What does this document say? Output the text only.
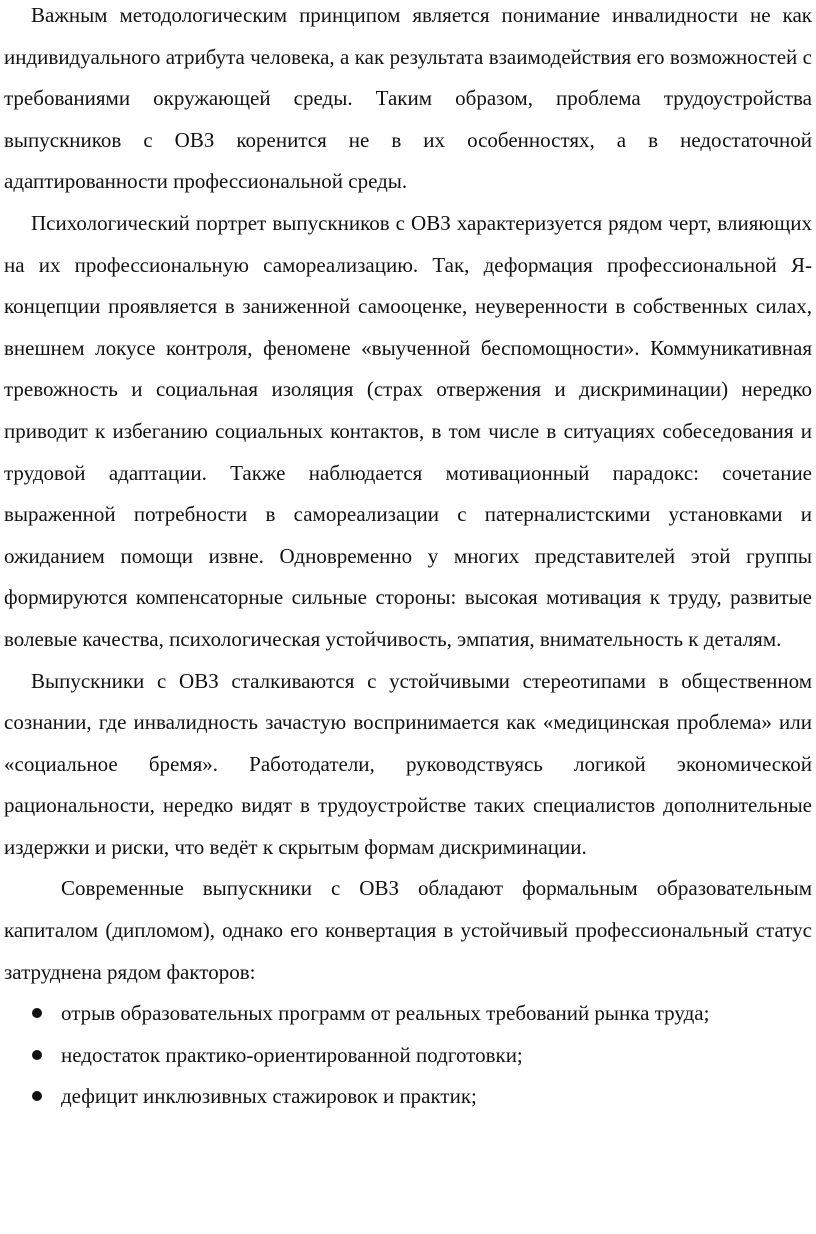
Важным методологическим принципом является понимание инвалидности не как индивидуального атрибута человека, а как результата взаимодействия его возможностей с требованиями окружающей среды. Таким образом, проблема трудоустройства выпускников с ОВЗ коренится не в их особенностях, а в недостаточной адаптированности профессиональной среды.

Психологический портрет выпускников с ОВЗ характеризуется рядом черт, влияющих на их профессиональную самореализацию. Так, деформация профессиональной Я-концепции проявляется в заниженной самооценке, неуверенности в собственных силах, внешнем локусе контроля, феномене «выученной беспомощности». Коммуникативная тревожность и социальная изоляция (страх отвержения и дискриминации) нередко приводит к избеганию социальных контактов, в том числе в ситуациях собеседования и трудовой адаптации. Также наблюдается мотивационный парадокс: сочетание выраженной потребности в самореализации с патерналистскими установками и ожиданием помощи извне. Одновременно у многих представителей этой группы формируются компенсаторные сильные стороны: высокая мотивация к труду, развитые волевые качества, психологическая устойчивость, эмпатия, внимательность к деталям.

Выпускники с ОВЗ сталкиваются с устойчивыми стереотипами в общественном сознании, где инвалидность зачастую воспринимается как «медицинская проблема» или «социальное бремя». Работодатели, руководствуясь логикой экономической рациональности, нередко видят в трудоустройстве таких специалистов дополнительные издержки и риски, что ведёт к скрытым формам дискриминации.

Современные выпускники с ОВЗ обладают формальным образовательным капиталом (дипломом), однако его конвертация в устойчивый профессиональный статус затруднена рядом факторов:

отрыв образовательных программ от реальных требований рынка труда;
недостаток практико-ориентированной подготовки;
дефицит инклюзивных стажировок и практик;
